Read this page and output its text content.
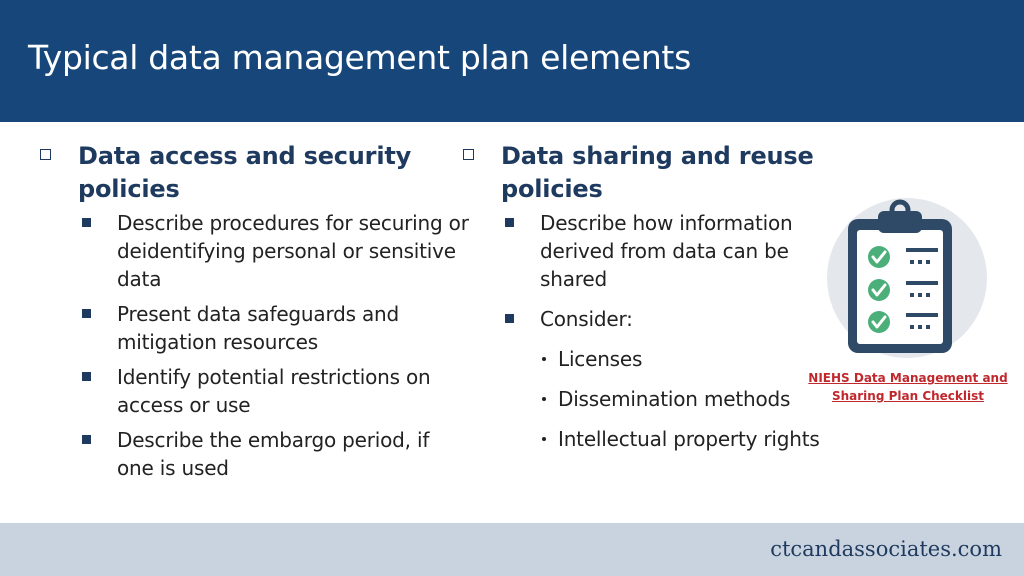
Typical data management plan elements
Data access and security policies
Describe procedures for securing or deidentifying personal or sensitive data
Present data safeguards and mitigation resources
Identify potential restrictions on access or use
Describe the embargo period, if one is used
Data sharing and reuse policies
Describe how information derived from data can be shared
Consider:
Licenses
Dissemination methods
Intellectual property rights
NIEHS Data Management and
Sharing Plan Checklist
ctcandassociates.com
